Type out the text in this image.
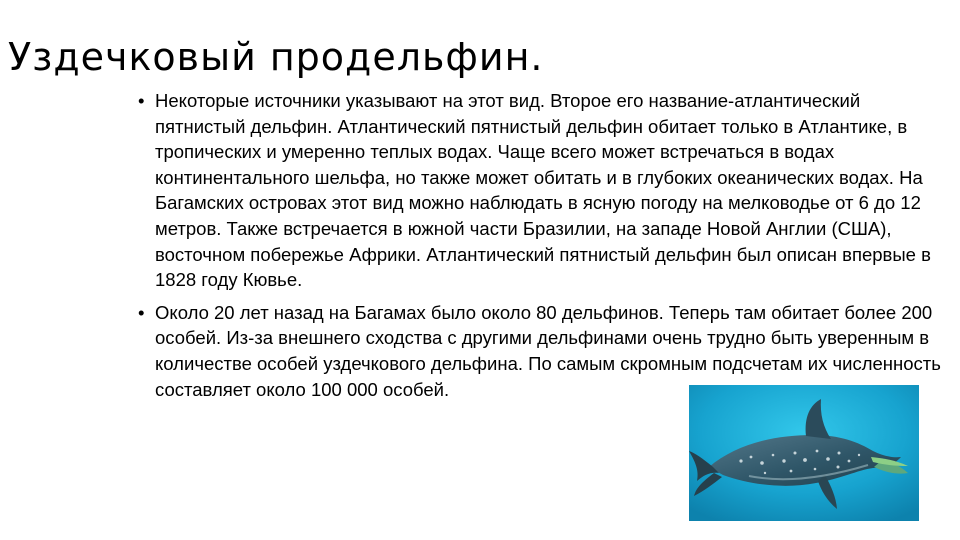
Уздечковый продельфин.
• Некоторые источники указывают на этот вид. Второе его название-атлантический пятнистый дельфин. Атлантический пятнистый дельфин обитает только в Атлантике, в тропических и умеренно теплых водах. Чаще всего может встречаться в водах континентального шельфа, но также может обитать и в глубоких океанических водах. На Багамских островах этот вид можно наблюдать в ясную погоду на мелководье от 6 до 12 метров. Также встречается в южной части Бразилии, на западе Новой Англии (США), восточном побережье Африки. Атлантический пятнистый дельфин был описан впервые в 1828 году Кювье.
• Около 20 лет назад на Багамах было около 80 дельфинов. Теперь там обитает более 200 особей. Из-за внешнего сходства с другими дельфинами очень трудно быть уверенным в количестве особей уздечкового дельфина. По самым скромным подсчетам их численность составляет около 100 000 особей.
